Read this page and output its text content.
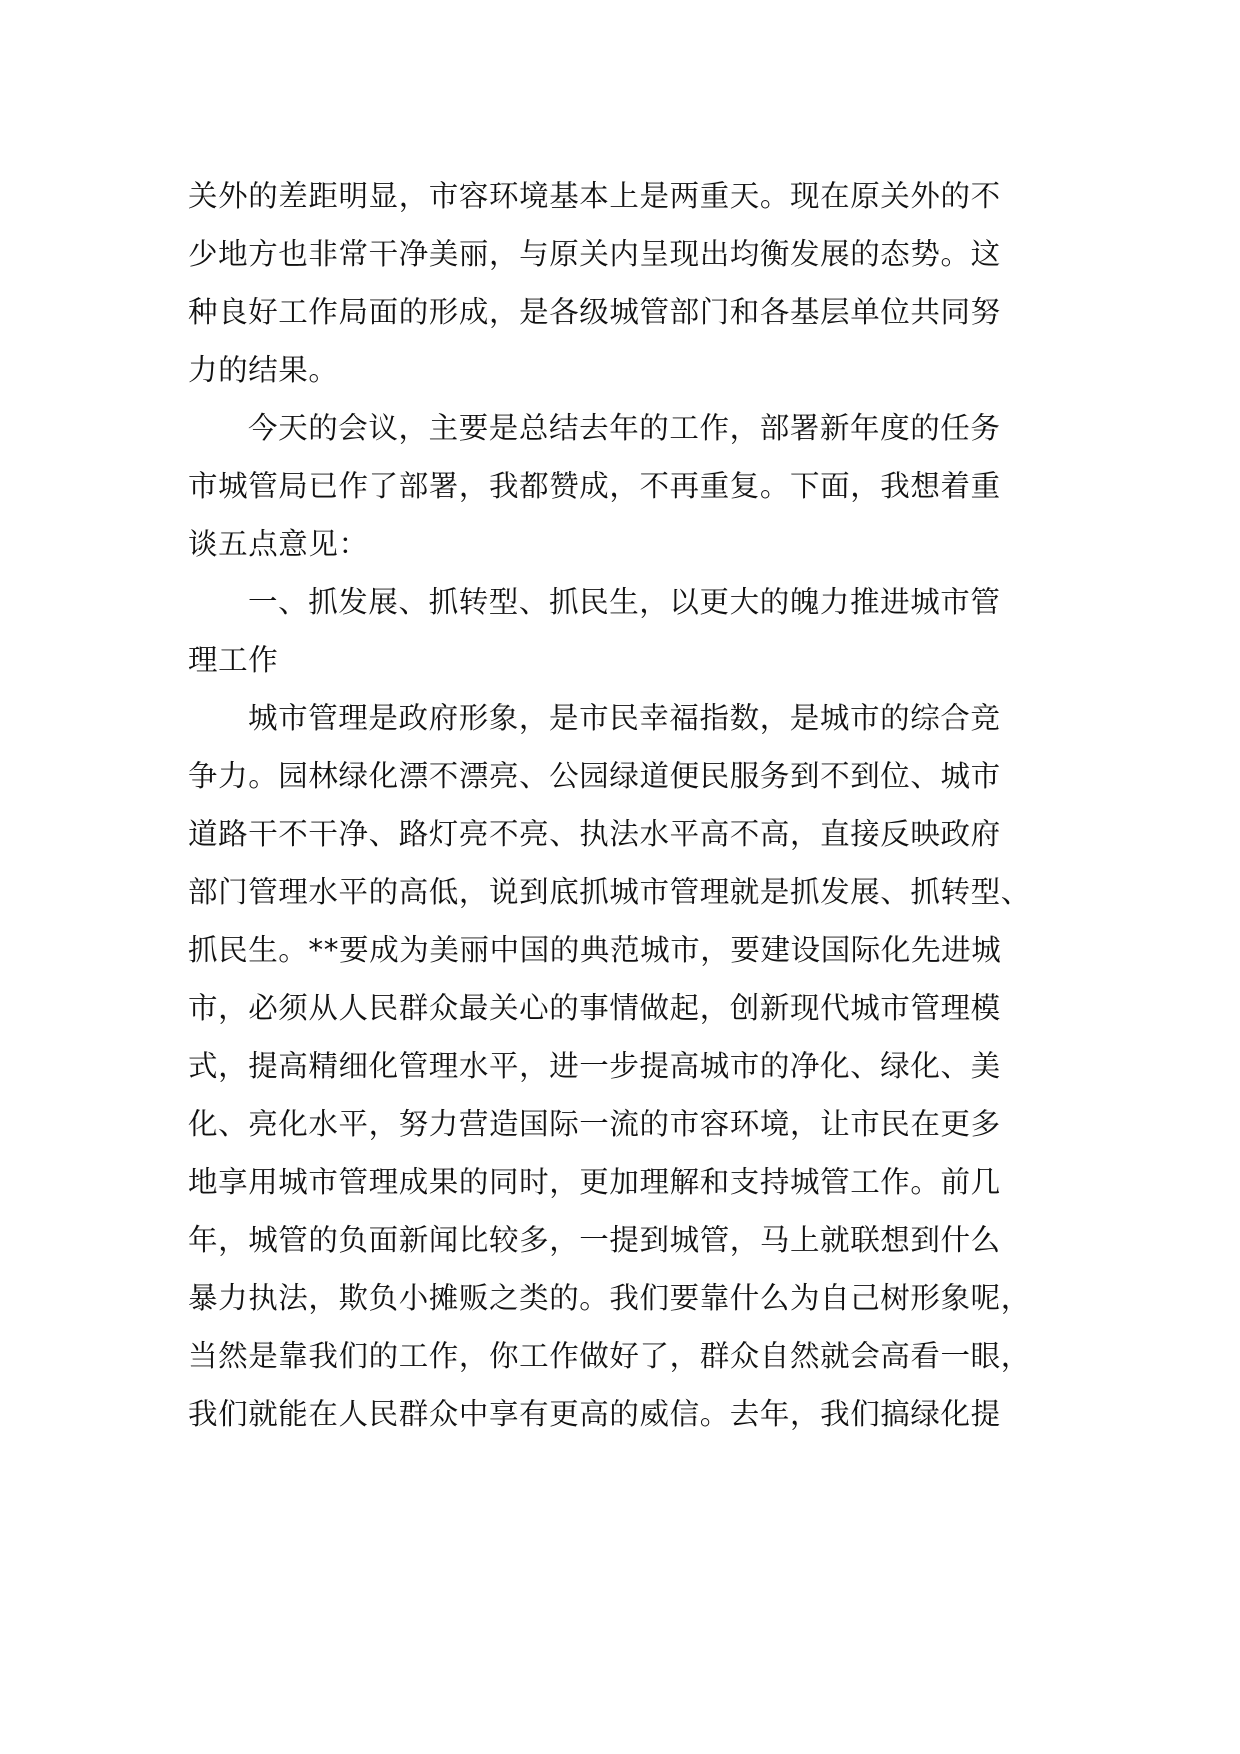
关外的差距明显，市容环境基本上是两重天。现在原关外的不
少地方也非常干净美丽，与原关内呈现出均衡发展的态势。这
种良好工作局面的形成，是各级城管部门和各基层单位共同努
力的结果。
今天的会议，主要是总结去年的工作，部署新年度的任务
市城管局已作了部署，我都赞成，不再重复。下面，我想着重
谈五点意见：
一、抓发展、抓转型、抓民生，以更大的魄力推进城市管
理工作
城市管理是政府形象，是市民幸福指数，是城市的综合竞
争力。园林绿化漂不漂亮、公园绿道便民服务到不到位、城市
道路干不干净、路灯亮不亮、执法水平高不高，直接反映政府
部门管理水平的高低，说到底抓城市管理就是抓发展、抓转型、
抓民生。**要成为美丽中国的典范城市，要建设国际化先进城
市，必须从人民群众最关心的事情做起，创新现代城市管理模
式，提高精细化管理水平，进一步提高城市的净化、绿化、美
化、亮化水平，努力营造国际一流的市容环境，让市民在更多
地享用城市管理成果的同时，更加理解和支持城管工作。前几
年，城管的负面新闻比较多，一提到城管，马上就联想到什么
暴力执法，欺负小摊贩之类的。我们要靠什么为自己树形象呢，
当然是靠我们的工作，你工作做好了，群众自然就会高看一眼，
我们就能在人民群众中享有更高的威信。去年，我们搞绿化提
